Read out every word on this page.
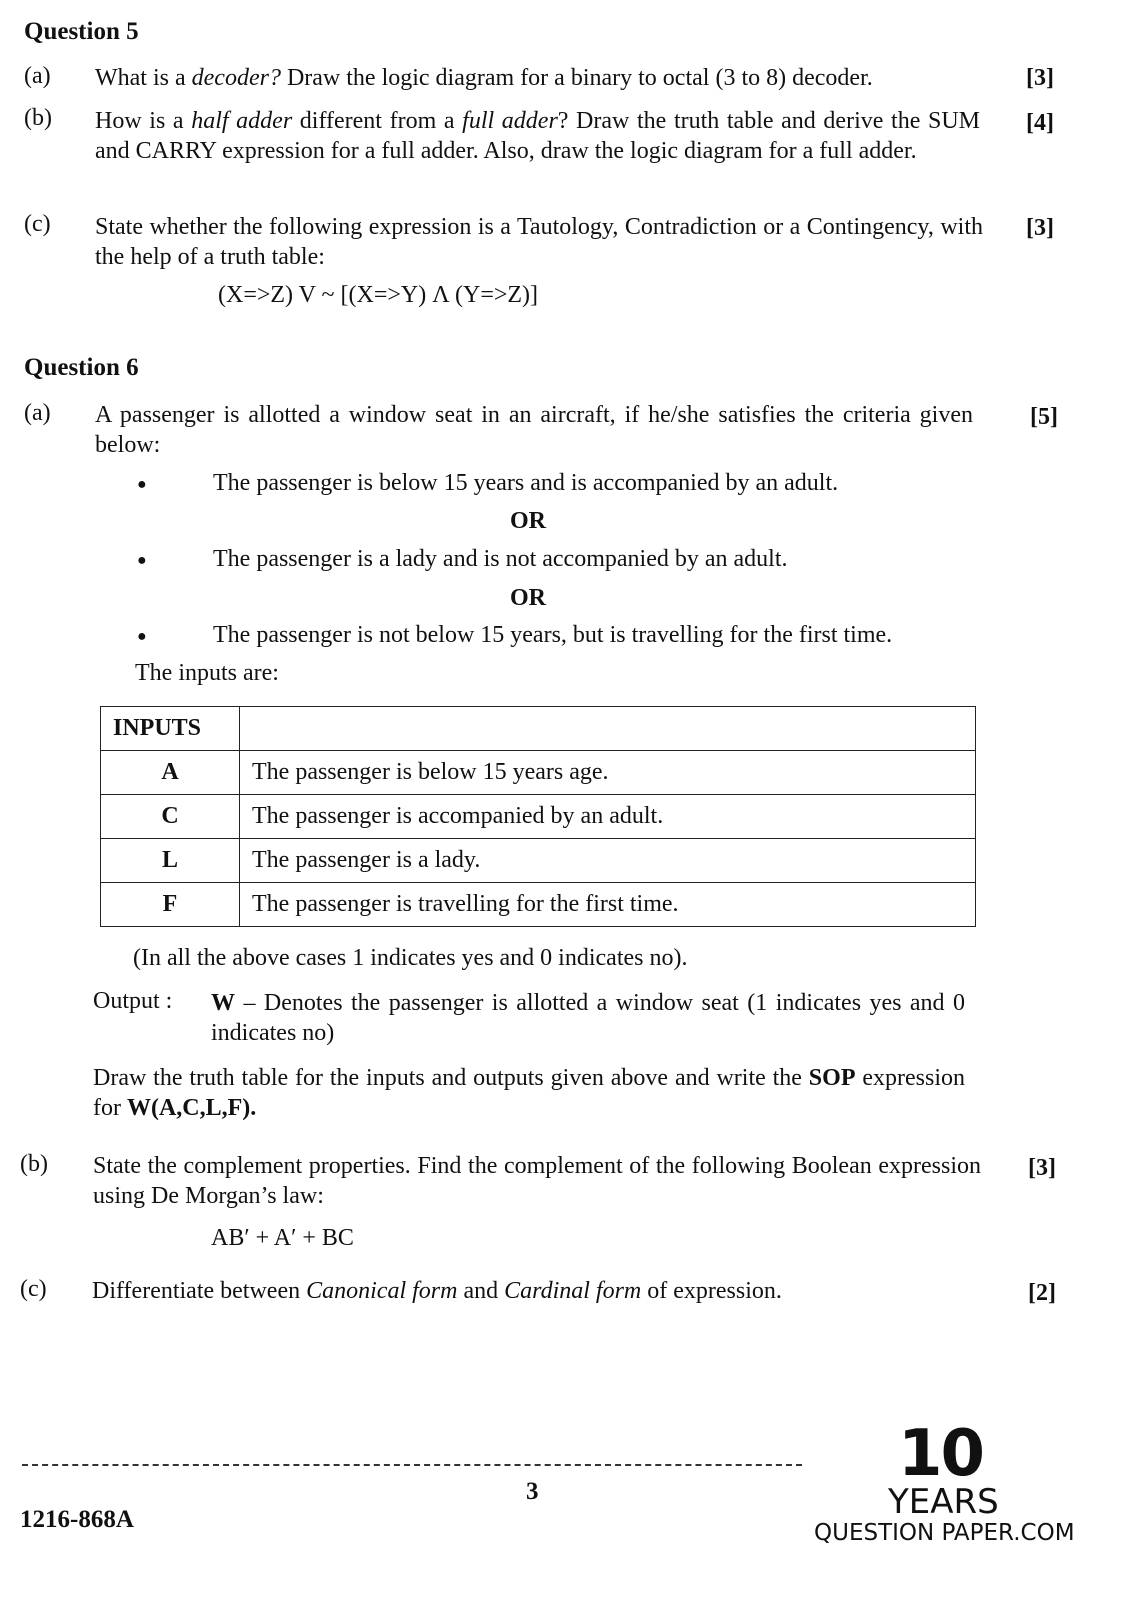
Question 5
(a) What is a decoder? Draw the logic diagram for a binary to octal (3 to 8) decoder.	[3]
(b) How is a half adder different from a full adder? Draw the truth table and derive the SUM and CARRY expression for a full adder. Also, draw the logic diagram for a full adder.
[4]
(c) State whether the following expression is a Tautology, Contradiction or a Contingency, with the help of a truth table:
[3]
(X=>Z) V ~ [(X=>Y) Λ (Y=>Z)]
Question 6
(a) A passenger is allotted a window seat in an aircraft, if he/she satisfies the criteria given below:
[5]
●	The passenger is below 15 years and is accompanied by an adult.
OR
●	The passenger is a lady and is not accompanied by an adult.
OR
●	The passenger is not below 15 years, but is travelling for the first time.
The inputs are:
INPUTS	
A	The passenger is below 15 years age.
C	The passenger is accompanied by an adult.
L	The passenger is a lady.
F	The passenger is travelling for the first time.
(In all the above cases 1 indicates yes and 0 indicates no).
Output : W – Denotes the passenger is allotted a window seat (1 indicates yes and 0 indicates no)
Draw the truth table for the inputs and outputs given above and write the SOP expression for W(A,C,L,F).
(b) State the complement properties. Find the complement of the following Boolean expression using De Morgan’s law:
[3]
AB′ + A′ + BC
(c) Differentiate between Canonical form and Cardinal form of expression.	[2]
3
1216-868A
10
YEARS
QUESTION PAPER.COM
